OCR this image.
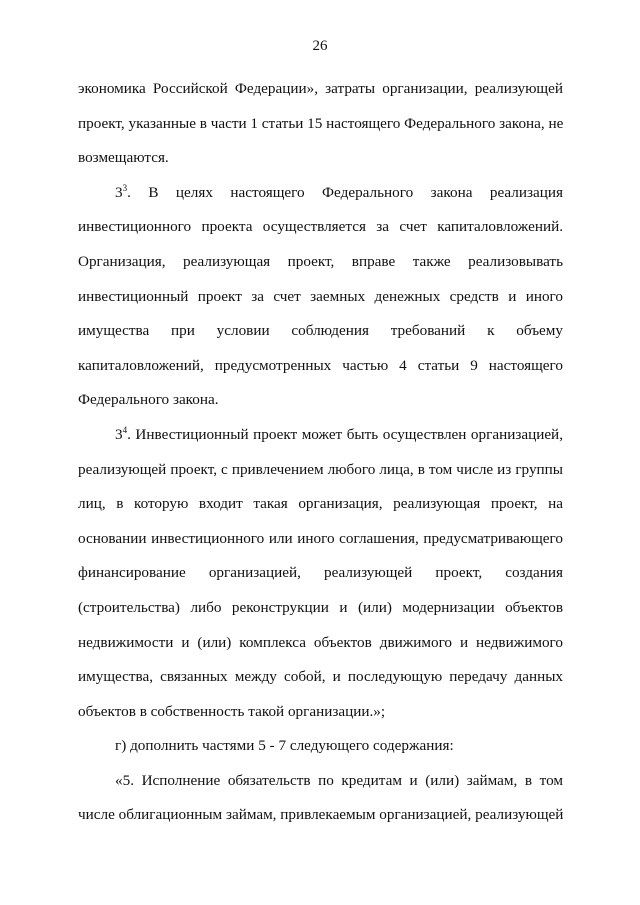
26

экономика Российской Федерации», затраты организации, реализующей
проект, указанные в части 1 статьи 15 настоящего Федерального закона, не
возмещаются.

$3^3$. В целях настоящего Федерального закона реализация
инвестиционного проекта осуществляется за счет капиталовложений.
Организация, реализующая проект, вправе также реализовывать
инвестиционный проект за счет заемных денежных средств и иного
имущества при условии соблюдения требований к объему
капиталовложений, предусмотренных частью 4 статьи 9 настоящего
Федерального закона.

$3^4$. Инвестиционный проект может быть осуществлен организацией,
реализующей проект, с привлечением любого лица, в том числе из группы
лиц, в которую входит такая организация, реализующая проект, на
основании инвестиционного или иного соглашения, предусматривающего
финансирование организацией, реализующей проект, создания
(строительства) либо реконструкции и (или) модернизации объектов
недвижимости и (или) комплекса объектов движимого и недвижимого
имущества, связанных между собой, и последующую передачу данных
объектов в собственность такой организации.»;

г) дополнить частями 5 - 7 следующего содержания:

«5. Исполнение обязательств по кредитам и (или) займам, в том
числе облигационным займам, привлекаемым организацией, реализующей
